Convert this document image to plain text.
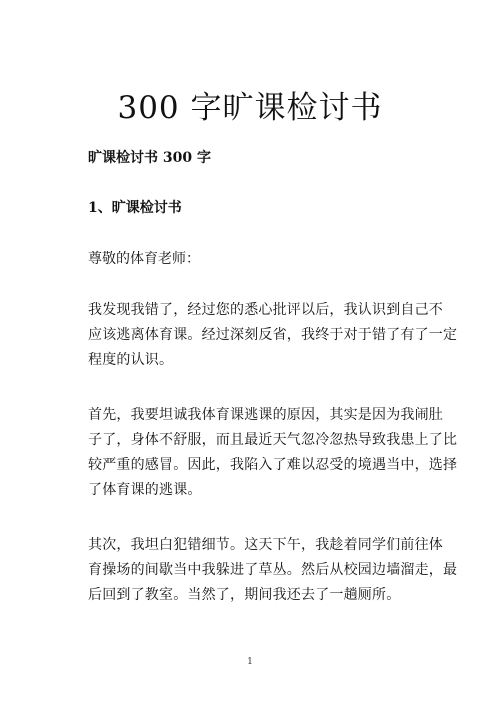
300 字旷课检讨书
旷课检讨书 300 字
1、旷课检讨书
尊敬的体育老师：
我发现我错了，经过您的悉心批评以后，我认识到自己不
应该逃离体育课。经过深刻反省，我终于对于错了有了一定
程度的认识。
首先，我要坦诚我体育课逃课的原因，其实是因为我闹肚
子了，身体不舒服，而且最近天气忽冷忽热导致我患上了比
较严重的感冒。因此，我陷入了难以忍受的境遇当中，选择
了体育课的逃课。
其次，我坦白犯错细节。这天下午，我趁着同学们前往体
育操场的间歇当中我躲进了草丛。然后从校园边墙溜走，最
后回到了教室。当然了，期间我还去了一趟厕所。
1
